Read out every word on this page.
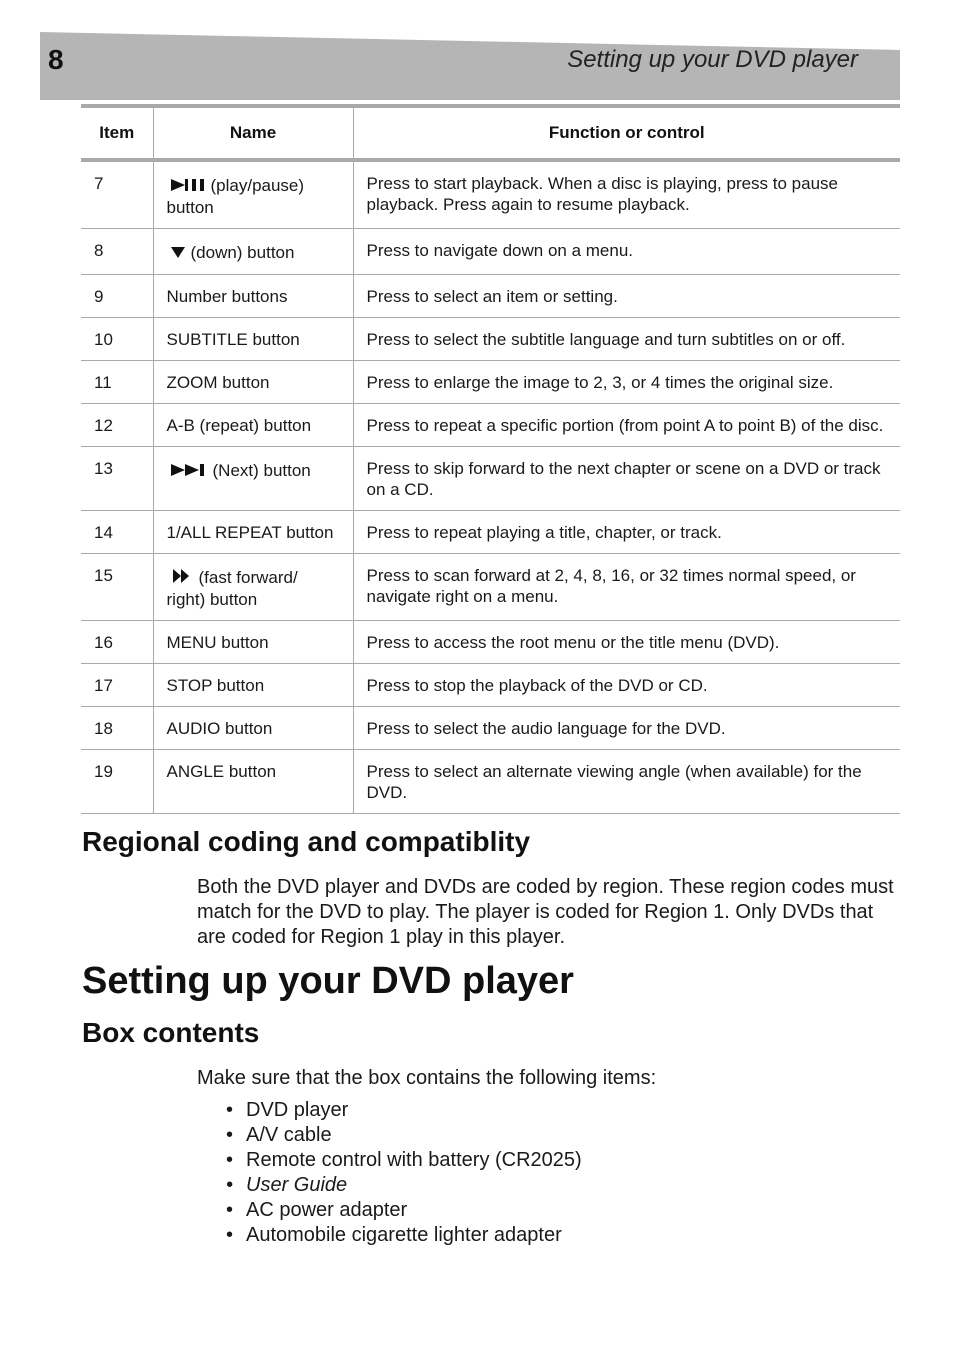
8	Setting up your DVD player
Item	Name	Function or control
7	(play/pause) button	Press to start playback. When a disc is playing, press to pause playback. Press again to resume playback.
8	(down) button	Press to navigate down on a menu.
9	Number buttons	Press to select an item or setting.
10	SUBTITLE button	Press to select the subtitle language and turn subtitles on or off.
11	ZOOM button	Press to enlarge the image to 2, 3, or 4 times the original size.
12	A-B (repeat) button	Press to repeat a specific portion (from point A to point B) of the disc.
13	(Next) button	Press to skip forward to the next chapter or scene on a DVD or track on a CD.
14	1/ALL REPEAT button	Press to repeat playing a title, chapter, or track.
15	(fast forward/ right) button	Press to scan forward at 2, 4, 8, 16, or 32 times normal speed, or navigate right on a menu.
16	MENU button	Press to access the root menu or the title menu (DVD).
17	STOP button	Press to stop the playback of the DVD or CD.
18	AUDIO button	Press to select the audio language for the DVD.
19	ANGLE button	Press to select an alternate viewing angle (when available) for the DVD.
Regional coding and compatiblity

Both the DVD player and DVDs are coded by region. These region codes must match for the DVD to play. The player is coded for Region 1. Only DVDs that are coded for Region 1 play in this player.

Setting up your DVD player
Box contents

Make sure that the box contains the following items:

• DVD player
• A/V cable
• Remote control with battery (CR2025)
• User Guide
• AC power adapter
• Automobile cigarette lighter adapter
